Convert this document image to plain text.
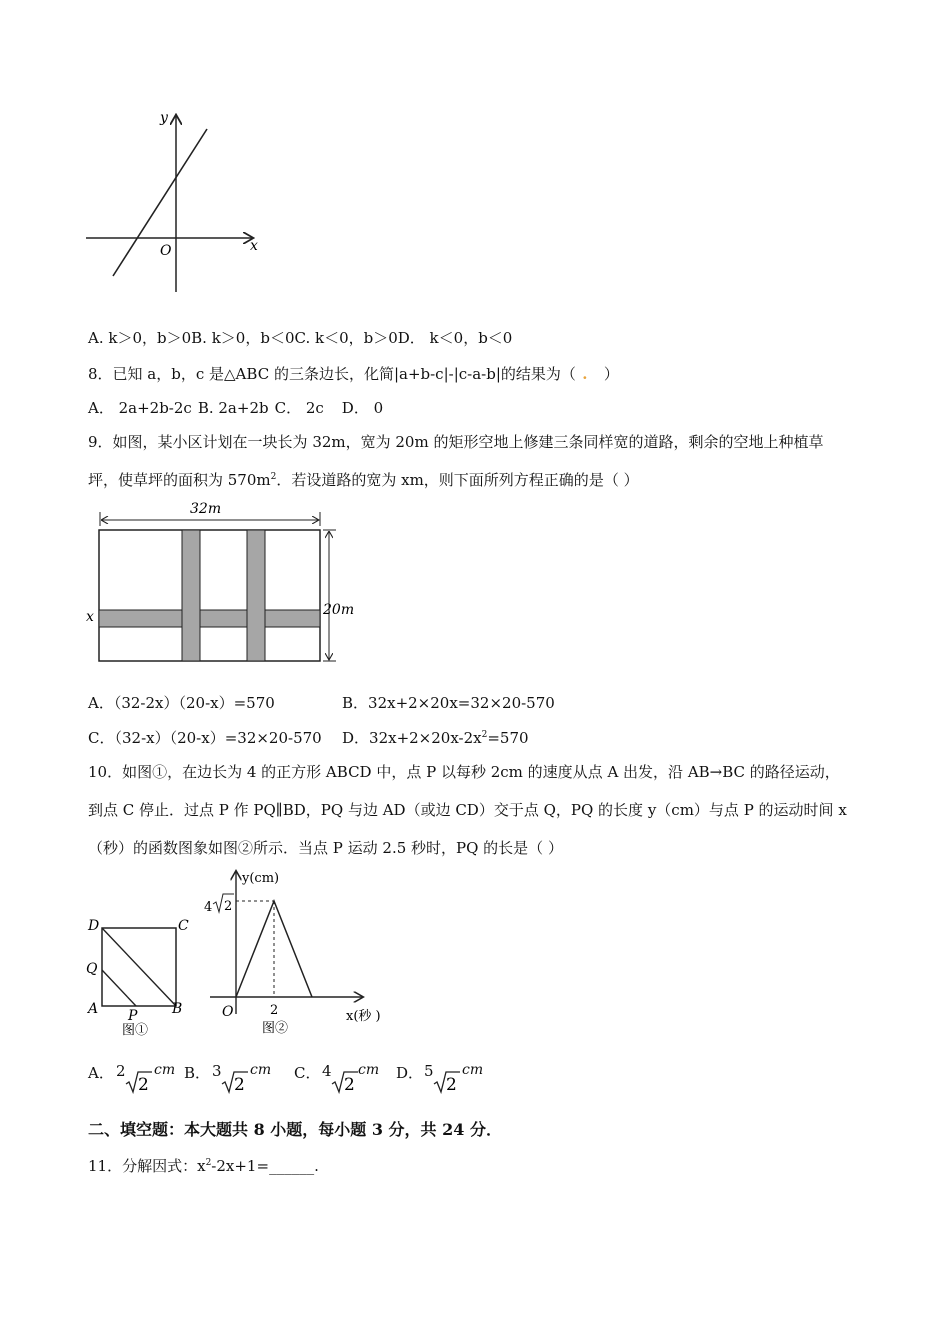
y
x
O
A. k＞0，b＞0B. k＞0，b＜0C. k＜0，b＞0D． k＜0，b＜0
8．已知 a，b，c 是△ABC 的三条边长，化简|a+b-c|-|c-a-b|的结果为（ . ）
A． 2a+2b-2c B. 2a+2b C． 2c D． 0
9．如图，某小区计划在一块长为 32m，宽为 20m 的矩形空地上修建三条同样宽的道路，剩余的空地上种植草
坪，使草坪的面积为 $570m^2$．若设道路的宽为 xm，则下面所列方程正确的是（ ）
32m
20m
x
A．（32-2x）（20-x）=570	B．32x+2×20x=32×20-570
C．（32-x）（20-x）=32×20-570 D．$32x+2\times 20x-2x^2=570$
10．如图①，在边长为 4 的正方形 ABCD 中，点 P 以每秒 2cm 的速度从点 A 出发，沿 AB→BC 的路径运动，
到点 C 停止．过点 P 作 PQ∥BD，PQ 与边 AD（或边 CD）交于点 Q，PQ 的长度 y（cm）与点 P 的运动时间 x
（秒）的函数图象如图②所示．当点 P 运动 2.5 秒时，PQ 的长是（ ）
D	C
Q
A P B
图①
y(cm)
4 2
O	2	x(秒 )
图②
A． 2
2
cm B． 3
2
cm C． 4
2
cm D． 5
2
cm
二、填空题：本大题共 8 小题，每小题 3 分，共 24 分．
11．分解因式：$x^2-2x+1=\_\_\_\_\_\_$.
